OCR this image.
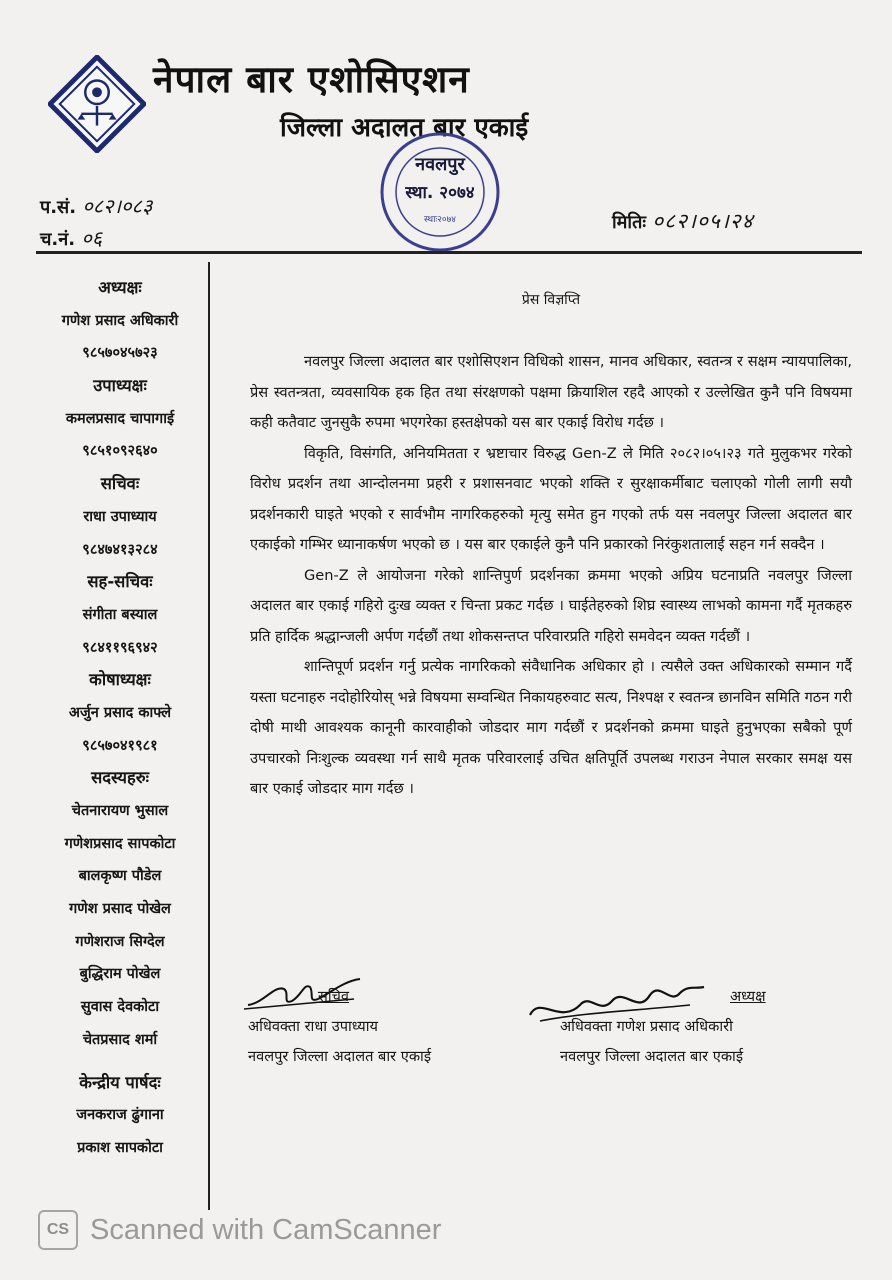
नेपाल बार एशोसिएशन
जिल्ला अदालत बार एकाई
नवलपुर
स्था. २०७४
स्थाः२०७४
प.सं. ०८२।०८३
च.नं. ०६
मितिः ०८२।०५।२४
अध्यक्षः
गणेश प्रसाद अधिकारी
९८५७०४५७२३
उपाध्यक्षः
कमलप्रसाद चापागाई
९८५१०९२६४०
सचिवः
राधा उपाध्याय
९८४७४१३२८४
सह-सचिवः
संगीता बस्याल
९८४११९६९४२
कोषाध्यक्षः
अर्जुन प्रसाद काफ्ले
९८५७०४१९८१
सदस्यहरुः
चेतनारायण भुसाल
गणेशप्रसाद सापकोटा
बालकृष्ण पौडेल
गणेश प्रसाद पोखेल
गणेशराज सिग्देल
बुद्धिराम पोखेल
सुवास देवकोटा
चेतप्रसाद शर्मा
केन्द्रीय पार्षदः
जनकराज ढुंगाना
प्रकाश सापकोटा
प्रेस विज्ञप्ति

नवलपुर जिल्ला अदालत बार एशोसिएशन विधिको शासन, मानव अधिकार, स्वतन्त्र र सक्षम न्यायपालिका, प्रेस स्वतन्त्रता, व्यवसायिक हक हित तथा संरक्षणको पक्षमा क्रियाशिल रहदै आएको र उल्लेखित कुनै पनि विषयमा कही कतैवाट जुनसुकै रुपमा भएगरेका हस्तक्षेपको यस बार एकाई विरोध गर्दछ ।

विकृति, विसंगति, अनियमितता र भ्रष्टाचार विरुद्ध Gen-Z ले मिति २०८२।०५।२३ गते मुलुकभर गरेको विरोध प्रदर्शन तथा आन्दोलनमा प्रहरी र प्रशासनवाट भएको शक्ति र सुरक्षाकर्मीबाट चलाएको गोली लागी सयौ प्रदर्शनकारी घाइते भएको र सार्वभौम नागरिकहरुको मृत्यु समेत हुन गएको तर्फ यस नवलपुर जिल्ला अदालत बार एकाईको गम्भिर ध्यानाकर्षण भएको छ । यस बार एकाईले कुनै पनि प्रकारको निरंकुशतालाई सहन गर्न सक्दैन ।

Gen-Z ले आयोजना गरेको शान्तिपुर्ण प्रदर्शनका क्रममा भएको अप्रिय घटनाप्रति नवलपुर जिल्ला अदालत बार एकाई गहिरो दुःख व्यक्त र चिन्ता प्रकट गर्दछ । घाईतेहरुको शिघ्र स्वास्थ्य लाभको कामना गर्दै मृतकहरु प्रति हार्दिक श्रद्धान्जली अर्पण गर्दछौं तथा शोकसन्तप्त परिवारप्रति गहिरो समवेदन व्यक्त गर्दछौं ।

शान्तिपूर्ण प्रदर्शन गर्नु प्रत्येक नागरिकको संवैधानिक अधिकार हो । त्यसैले उक्त अधिकारको सम्मान गर्दै यस्ता घटनाहरु नदोहोरियोस् भन्ने विषयमा सम्वन्धित निकायहरुवाट सत्य, निश्पक्ष र स्वतन्त्र छानविन समिति गठन गरी दोषी माथी आवश्यक कानूनी कारवाहीको जोडदार माग गर्दछौं र प्रदर्शनको क्रममा घाइते हुनुभएका सबैको पूर्ण उपचारको निःशुल्क व्यवस्था गर्न साथै मृतक परिवारलाई उचित क्षतिपूर्ति उपलब्ध गराउन नेपाल सरकार समक्ष यस बार एकाई जोडदार माग गर्दछ ।

सचिव
अधिवक्ता राधा उपाध्याय
नवलपुर जिल्ला अदालत बार एकाई
अध्यक्ष
अधिवक्ता गणेश प्रसाद अधिकारी
नवलपुर जिल्ला अदालत बार एकाई
CS Scanned with CamScanner
